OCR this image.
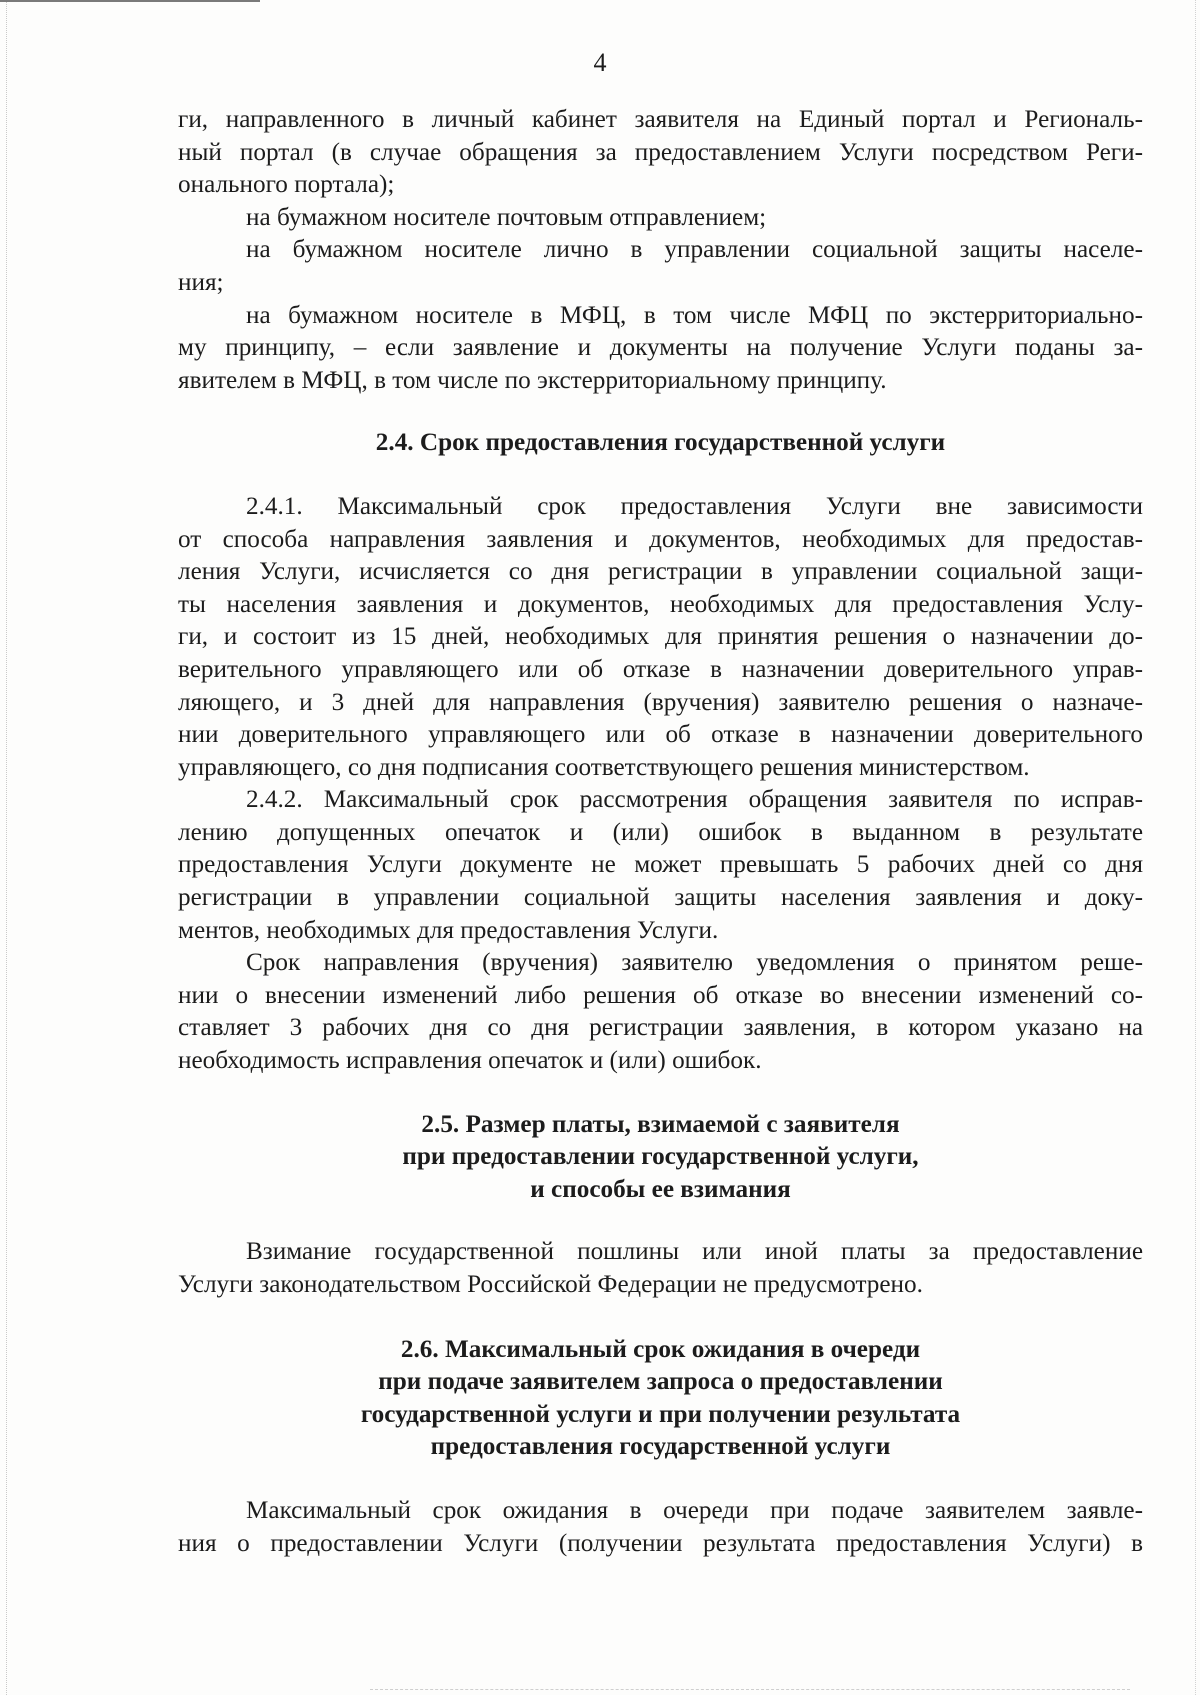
4
ги, направленного в личный кабинет заявителя на Единый портал и Региональ-
ный портал (в случае обращения за предоставлением Услуги посредством Реги-
онального портала);
на бумажном носителе почтовым отправлением;
на бумажном носителе лично в управлении социальной защиты населе-
ния;
на бумажном носителе в МФЦ, в том числе МФЦ по экстерриториально-
му принципу, – если заявление и документы на получение Услуги поданы за-
явителем в МФЦ, в том числе по экстерриториальному принципу.
2.4. Срок предоставления государственной услуги
2.4.1. Максимальный срок предоставления Услуги вне зависимости
от способа направления заявления и документов, необходимых для предостав-
ления Услуги, исчисляется со дня регистрации в управлении социальной защи-
ты населения заявления и документов, необходимых для предоставления Услу-
ги, и состоит из 15 дней, необходимых для принятия решения о назначении до-
верительного управляющего или об отказе в назначении доверительного управ-
ляющего, и 3 дней для направления (вручения) заявителю решения о назначе-
нии доверительного управляющего или об отказе в назначении доверительного
управляющего, со дня подписания соответствующего решения министерством.
2.4.2. Максимальный срок рассмотрения обращения заявителя по исправ-
лению допущенных опечаток и (или) ошибок в выданном в результате
предоставления Услуги документе не может превышать 5 рабочих дней со дня
регистрации в управлении социальной защиты населения заявления и доку-
ментов, необходимых для предоставления Услуги.
Срок направления (вручения) заявителю уведомления о принятом реше-
нии о внесении изменений либо решения об отказе во внесении изменений со-
ставляет 3 рабочих дня со дня регистрации заявления, в котором указано на
необходимость исправления опечаток и (или) ошибок.
2.5. Размер платы, взимаемой с заявителя
при предоставлении государственной услуги,
и способы ее взимания
Взимание государственной пошлины или иной платы за предоставление
Услуги законодательством Российской Федерации не предусмотрено.
2.6. Максимальный срок ожидания в очереди
при подаче заявителем запроса о предоставлении
государственной услуги и при получении результата
предоставления государственной услуги
Максимальный срок ожидания в очереди при подаче заявителем заявле-
ния о предоставлении Услуги (получении результата предоставления Услуги) в
